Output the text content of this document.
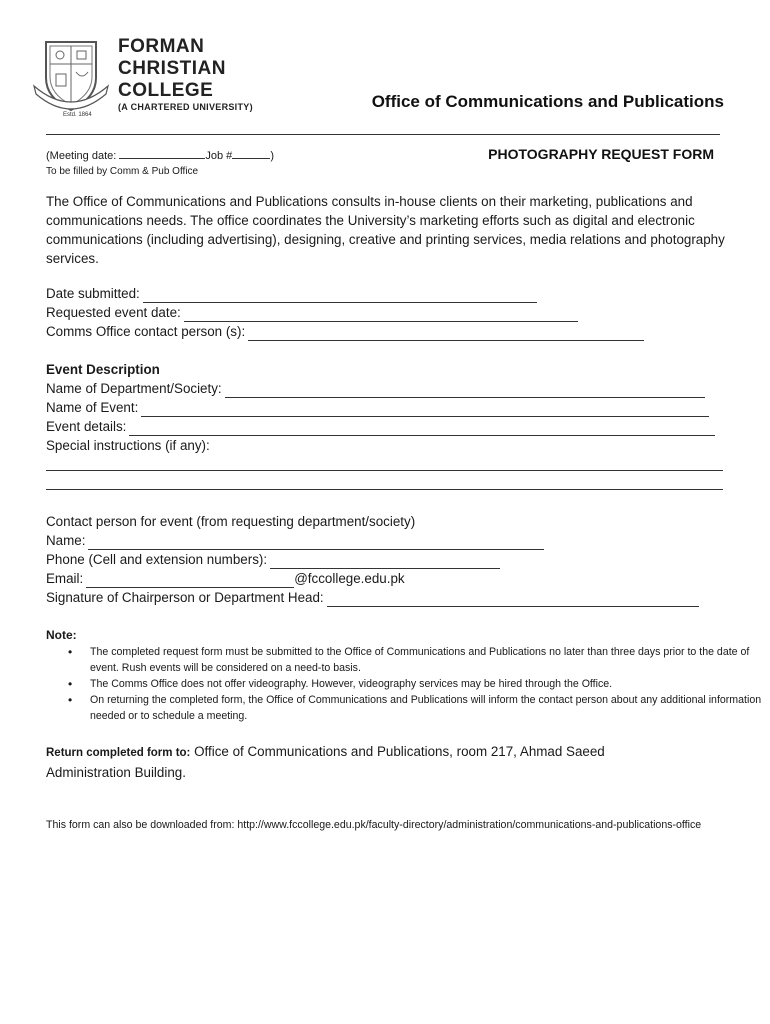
Estd. 1864
FORMAN
CHRISTIAN
COLLEGE
(A CHARTERED UNIVERSITY)	Office of Communications and Publications
(Meeting date:	Job #	)
To be filled by Comm & Pub Office
PHOTOGRAPHY REQUEST FORM
The Office of Communications and Publications consults in-house clients on their marketing, publications and communications needs. The office coordinates the University’s marketing efforts such as digital and electronic communications (including advertising), designing, creative and printing services, media relations and photography services.
Date submitted:
Requested event date:
Comms Office contact person (s):
Event Description
Name of Department/Society:
Name of Event:
Event details:
Special instructions (if any):
Contact person for event (from requesting department/society)
Name:
Phone (Cell and extension numbers):
Email:	@fccollege.edu.pk
Signature of Chairperson or Department Head:
Note:
• The completed request form must be submitted to the Office of Communications and Publications no later than three days prior to the date of event. Rush events will be considered on a need-to basis.
• The Comms Office does not offer videography. However, videography services may be hired through the Office.
• On returning the completed form, the Office of Communications and Publications will inform the contact person about any additional information needed or to schedule a meeting.
Return completed form to: Office of Communications and Publications, room 217, Ahmad Saeed Administration Building.
This form can also be downloaded from: http://www.fccollege.edu.pk/faculty-directory/administration/communications-and-publications-office
